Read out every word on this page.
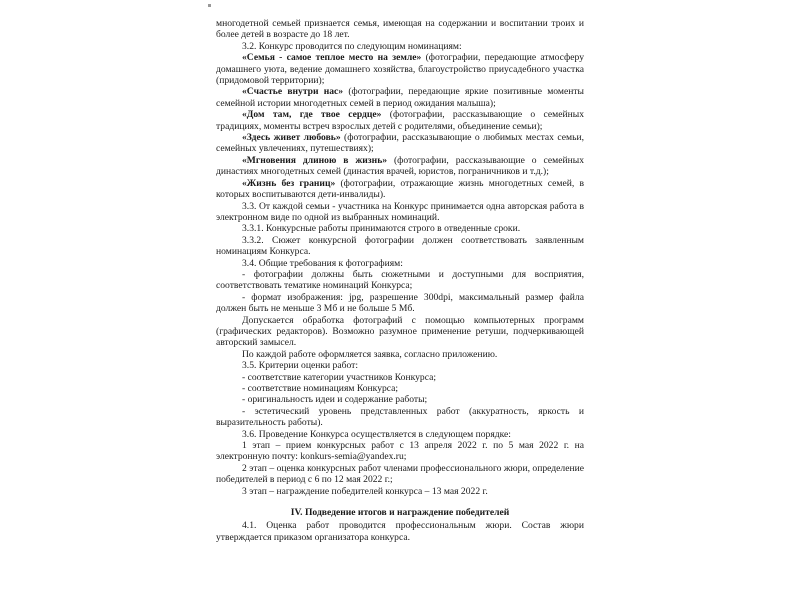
многодетной семьей признается семья, имеющая на содержании и воспитании троих и более детей в возрасте до 18 лет.

3.2. Конкурс проводится по следующим номинациям:

«Семья - самое теплое место на земле» (фотографии, передающие атмосферу домашнего уюта, ведение домашнего хозяйства, благоустройство приусадебного участка (придомовой территории);

«Счастье внутри нас» (фотографии, передающие яркие позитивные моменты семейной истории многодетных семей в период ожидания малыша);

«Дом там, где твое сердце» (фотографии, рассказывающие о семейных традициях, моменты встреч взрослых детей с родителями, объединение семьи);

«Здесь живет любовь» (фотографии, рассказывающие о любимых местах семьи, семейных увлечениях, путешествиях);

«Мгновения длиною в жизнь» (фотографии, рассказывающие о семейных династиях многодетных семей (династия врачей, юристов, пограничников и т.д.);

«Жизнь без границ» (фотографии, отражающие жизнь многодетных семей, в которых воспитываются дети-инвалиды).

3.3. От каждой семьи - участника на Конкурс принимается одна авторская работа в электронном виде по одной из выбранных номинаций.

3.3.1. Конкурсные работы принимаются строго в отведенные сроки.

3.3.2. Сюжет конкурсной фотографии должен соответствовать заявленным номинациям Конкурса.

3.4. Общие требования к фотографиям:

- фотографии должны быть сюжетными и доступными для восприятия, соответствовать тематике номинаций Конкурса;

- формат изображения: jpg, разрешение 300dpi, максимальный размер файла должен быть не меньше 3 Мб и не больше 5 Мб.

Допускается обработка фотографий с помощью компьютерных программ (графических редакторов). Возможно разумное применение ретуши, подчеркивающей авторский замысел.

По каждой работе оформляется заявка, согласно приложению.

3.5. Критерии оценки работ:

- соответствие категории участников Конкурса;

- соответствие номинациям Конкурса;

- оригинальность идеи и содержание работы;

- эстетический уровень представленных работ (аккуратность, яркость и выразительность работы).

3.6. Проведение Конкурса осуществляется в следующем порядке:

1 этап – прием конкурсных работ с 13 апреля 2022 г. по 5 мая 2022 г. на электронную почту: konkurs-semia@yandex.ru;

2 этап – оценка конкурсных работ членами профессионального жюри, определение победителей в период с 6 по 12 мая 2022 г.;

3 этап – награждение победителей конкурса – 13 мая 2022 г.

IV. Подведение итогов и награждение победителей

4.1. Оценка работ проводится профессиональным жюри. Состав жюри утверждается приказом организатора конкурса.
